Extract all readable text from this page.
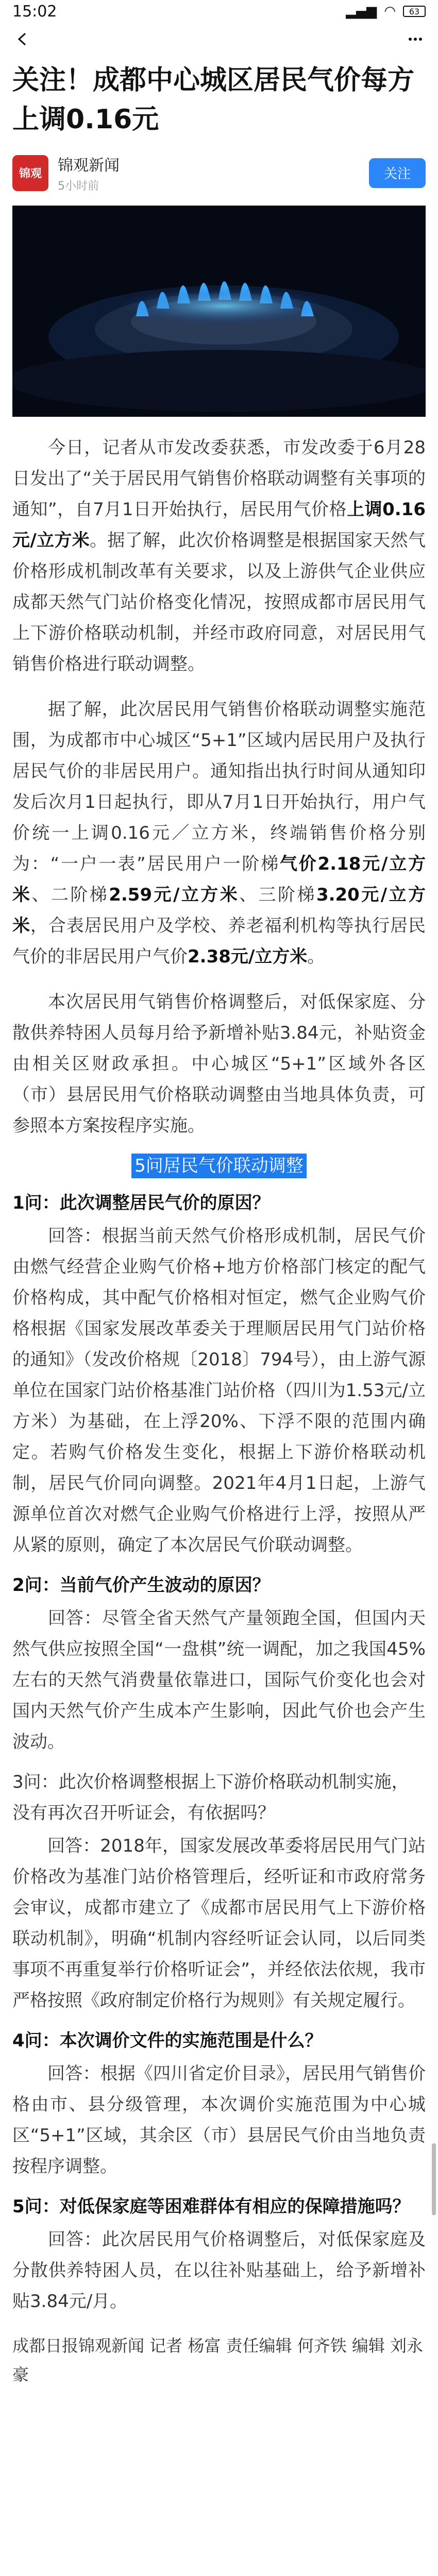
15:02	▂▄▆ ◠ 63
关注！成都中心城区居民气价每方上调0.16元
锦观 锦观新闻
5小时前
关注

今日，记者从市发改委获悉，市发改委于6月28日发出了“关于居民用气销售价格联动调整有关事项的通知”，自7月1日开始执行，居民用气价格上调0.16元/立方米。据了解，此次价格调整是根据国家天然气价格形成机制改革有关要求，以及上游供气企业供应成都天然气门站价格变化情况，按照成都市居民用气上下游价格联动机制，并经市政府同意，对居民用气销售价格进行联动调整。

据了解，此次居民用气销售价格联动调整实施范围，为成都市中心城区“5+1”区域内居民用户及执行居民气价的非居民用户。通知指出执行时间从通知印发后次月1日起执行，即从7月1日开始执行，用户气价统一上调0.16元／立方米，终端销售价格分别为：“一户一表”居民用户一阶梯气价2.18元/立方米、二阶梯2.59元/立方米、三阶梯3.20元/立方米，合表居民用户及学校、养老福利机构等执行居民气价的非居民用户气价2.38元/立方米。

本次居民用气销售价格调整后，对低保家庭、分散供养特困人员每月给予新增补贴3.84元，补贴资金由相关区财政承担。中心城区“5+1”区域外各区（市）县居民用气价格联动调整由当地具体负责，可参照本方案按程序实施。

5问居民气价联动调整
1问：此次调整居民气价的原因？

回答：根据当前天然气价格形成机制，居民气价由燃气经营企业购气价格+地方价格部门核定的配气价格构成，其中配气价格相对恒定，燃气企业购气价格根据《国家发展改革委关于理顺居民用气门站价格的通知》（发改价格规〔2018〕794号），由上游气源单位在国家门站价格基准门站价格（四川为1.53元/立方米）为基础，在上浮20%、下浮不限的范围内确定。若购气价格发生变化，根据上下游价格联动机制，居民气价同向调整。2021年4月1日起，上游气源单位首次对燃气企业购气价格进行上浮，按照从严从紧的原则，确定了本次居民气价联动调整。

2问：当前气价产生波动的原因？

回答：尽管全省天然气产量领跑全国，但国内天然气供应按照全国“一盘棋”统一调配，加之我国45%左右的天然气消费量依靠进口，国际气价变化也会对国内天然气价产生成本产生影响，因此气价也会产生波动。

3问：此次价格调整根据上下游价格联动机制实施，没有再次召开听证会，有依据吗？

回答：2018年，国家发展改革委将居民用气门站价格改为基准门站价格管理后，经听证和市政府常务会审议，成都市建立了《成都市居民用气上下游价格联动机制》，明确“机制内容经听证会认同，以后同类事项不再重复举行价格听证会”，并经依法依规，我市严格按照《政府制定价格行为规则》有关规定履行。

4问：本次调价文件的实施范围是什么？

回答：根据《四川省定价目录》，居民用气销售价格由市、县分级管理，本次调价实施范围为中心城区“5+1”区域，其余区（市）县居民气价由当地负责按程序调整。

5问：对低保家庭等困难群体有相应的保障措施吗？

回答：此次居民用气价格调整后，对低保家庭及分散供养特困人员，在以往补贴基础上，给予新增补贴3.84元/月。

成都日报锦观新闻 记者 杨富 责任编辑 何齐铁 编辑 刘永豪
